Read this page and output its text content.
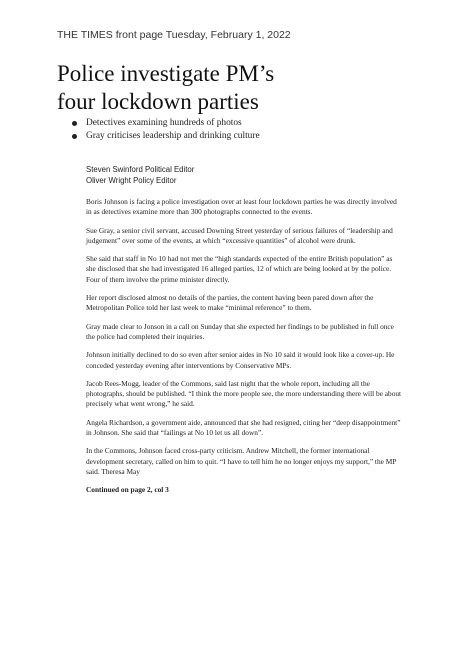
THE TIMES front page Tuesday, February 1, 2022
Police investigate PM’s
four lockdown parties
Detectives examining hundreds of photos
Gray criticises leadership and drinking culture
Steven Swinford Political Editor
Oliver Wright Policy Editor

Boris Johnson is facing a police investigation over at least four lockdown parties he was directly involved in as detectives examine more than 300 photographs connected to the events.

Sue Gray, a senior civil servant, accused Downing Street yesterday of serious failures of “leadership and judgement” over some of the events, at which “excessive quantities” of alcohol were drunk.

She said that staff in No 10 had not met the “high standards expected of the entire British population” as she disclosed that she had investigated 16 alleged parties, 12 of which are being looked at by the police. Four of them involve the prime minister directly.

Her report disclosed almost no details of the parties, the content having been pared down after the Metropolitan Police told her last week to make “minimal reference” to them.

Gray made clear to Jonson in a call on Sunday that she expected her findings to be published in full once the police had completed their inquiries.

Johnson initially declined to do so even after senior aides in No 10 said it would look like a cover-up. He conceded yesterday evening after interventions by Conservative MPs.

Jacob Rees-Mogg, leader of the Commons, said last night that the whole report, including all the photographs, should be published. “I think the more people see, the more understanding there will be about precisely what went wrong,” he said.

Angela Richardson, a government aide, announced that she had resigned, citing her “deep disappointment” in Johnson. She said that “failings at No 10 let us all down”.

In the Commons, Johnson faced cross-party criticism. Andrew Mitchell, the former international development secretary, called on him to quit. “I have to tell him he no longer enjoys my support,” the MP said. Theresa May

Continued on page 2, col 3
